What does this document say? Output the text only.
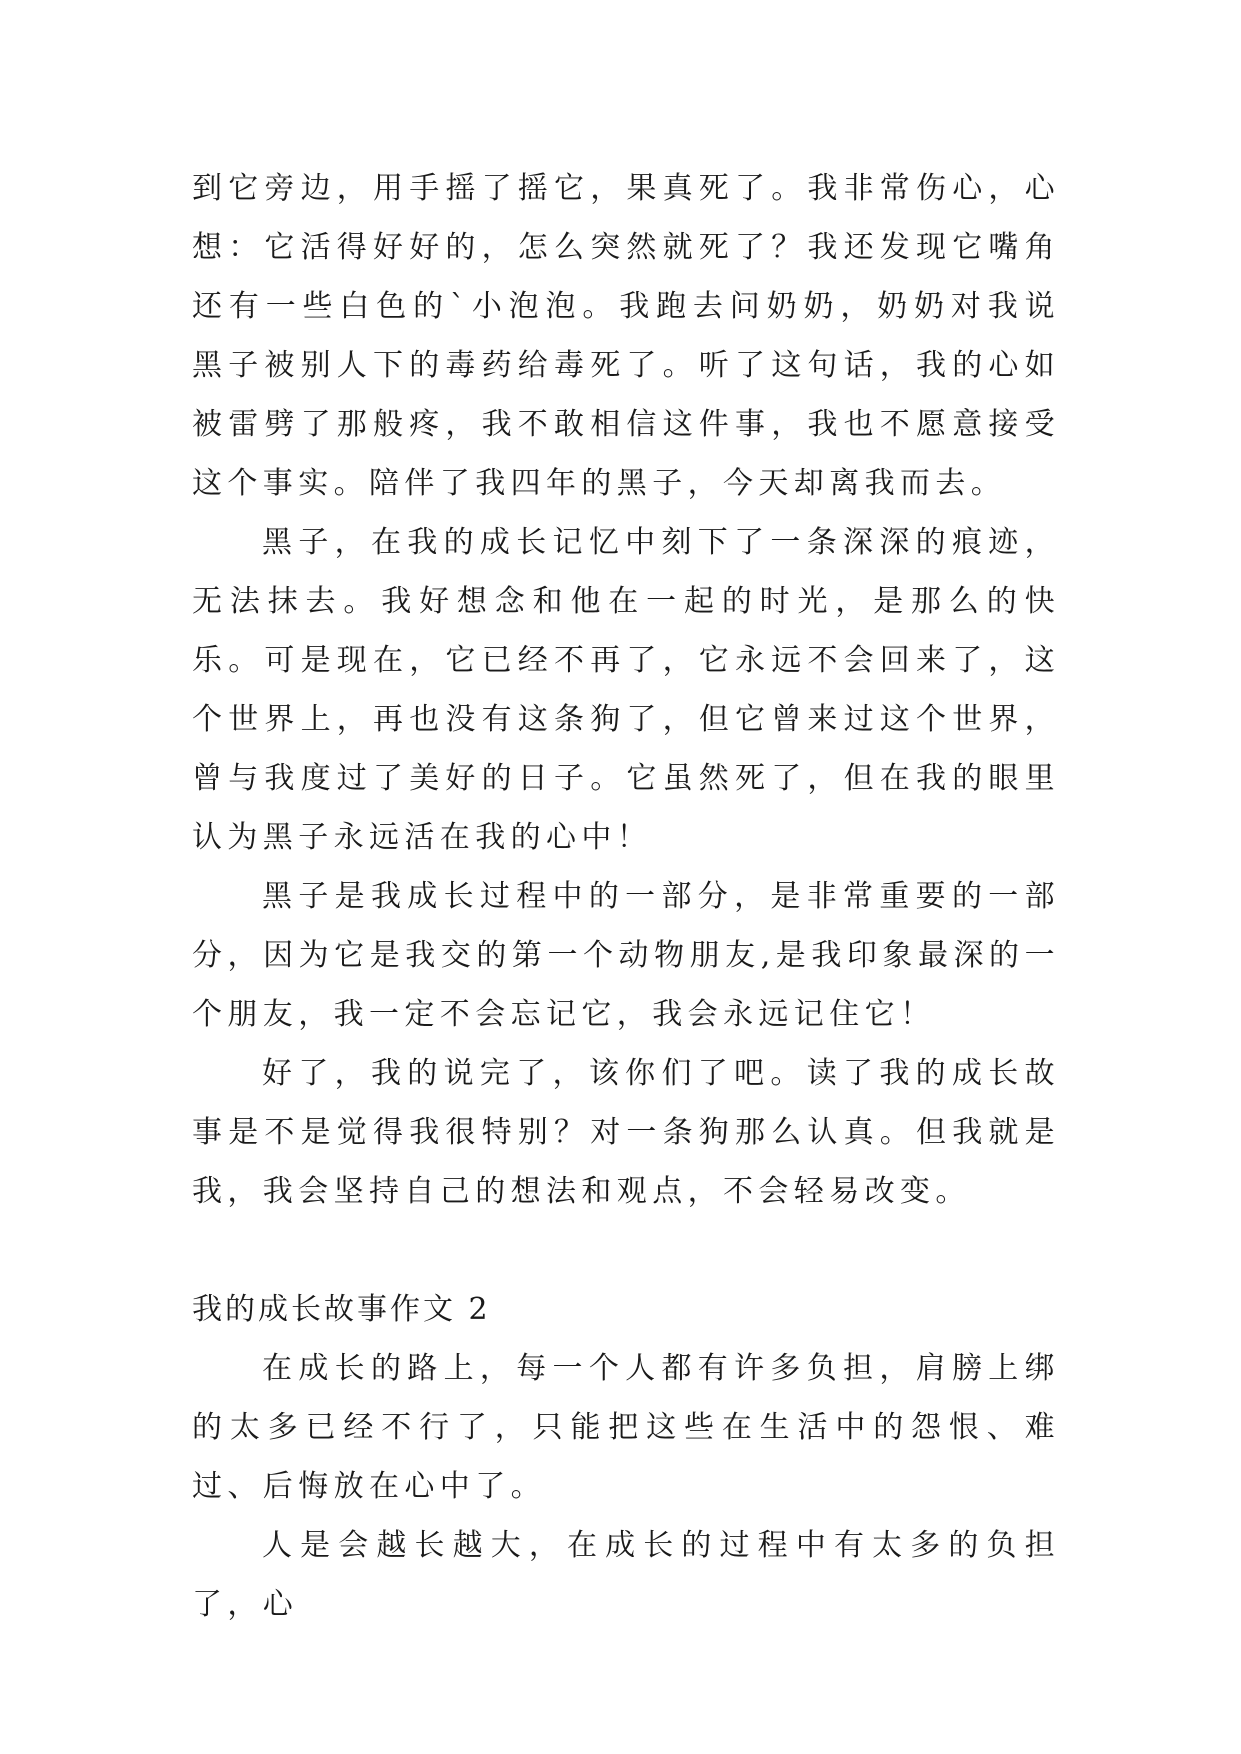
到它旁边，用手摇了摇它，果真死了。我非常伤心，心想：它活得好好的，怎么突然就死了？我还发现它嘴角还有一些白色的`小泡泡。我跑去问奶奶，奶奶对我说黑子被别人下的毒药给毒死了。听了这句话，我的心如被雷劈了那般疼，我不敢相信这件事，我也不愿意接受这个事实。陪伴了我四年的黑子，今天却离我而去。

黑子，在我的成长记忆中刻下了一条深深的痕迹，无法抹去。我好想念和他在一起的时光，是那么的快乐。可是现在，它已经不再了，它永远不会回来了，这个世界上，再也没有这条狗了，但它曾来过这个世界，曾与我度过了美好的日子。它虽然死了，但在我的眼里认为黑子永远活在我的心中！

黑子是我成长过程中的一部分，是非常重要的一部分，因为它是我交的第一个动物朋友,是我印象最深的一个朋友，我一定不会忘记它，我会永远记住它！

好了，我的说完了，该你们了吧。读了我的成长故事是不是觉得我很特别？对一条狗那么认真。但我就是我，我会坚持自己的想法和观点，不会轻易改变。

我的成长故事作文 2

在成长的路上，每一个人都有许多负担，肩膀上绑的太多已经不行了，只能把这些在生活中的怨恨、难过、后悔放在心中了。

人是会越长越大，在成长的过程中有太多的负担了，心
